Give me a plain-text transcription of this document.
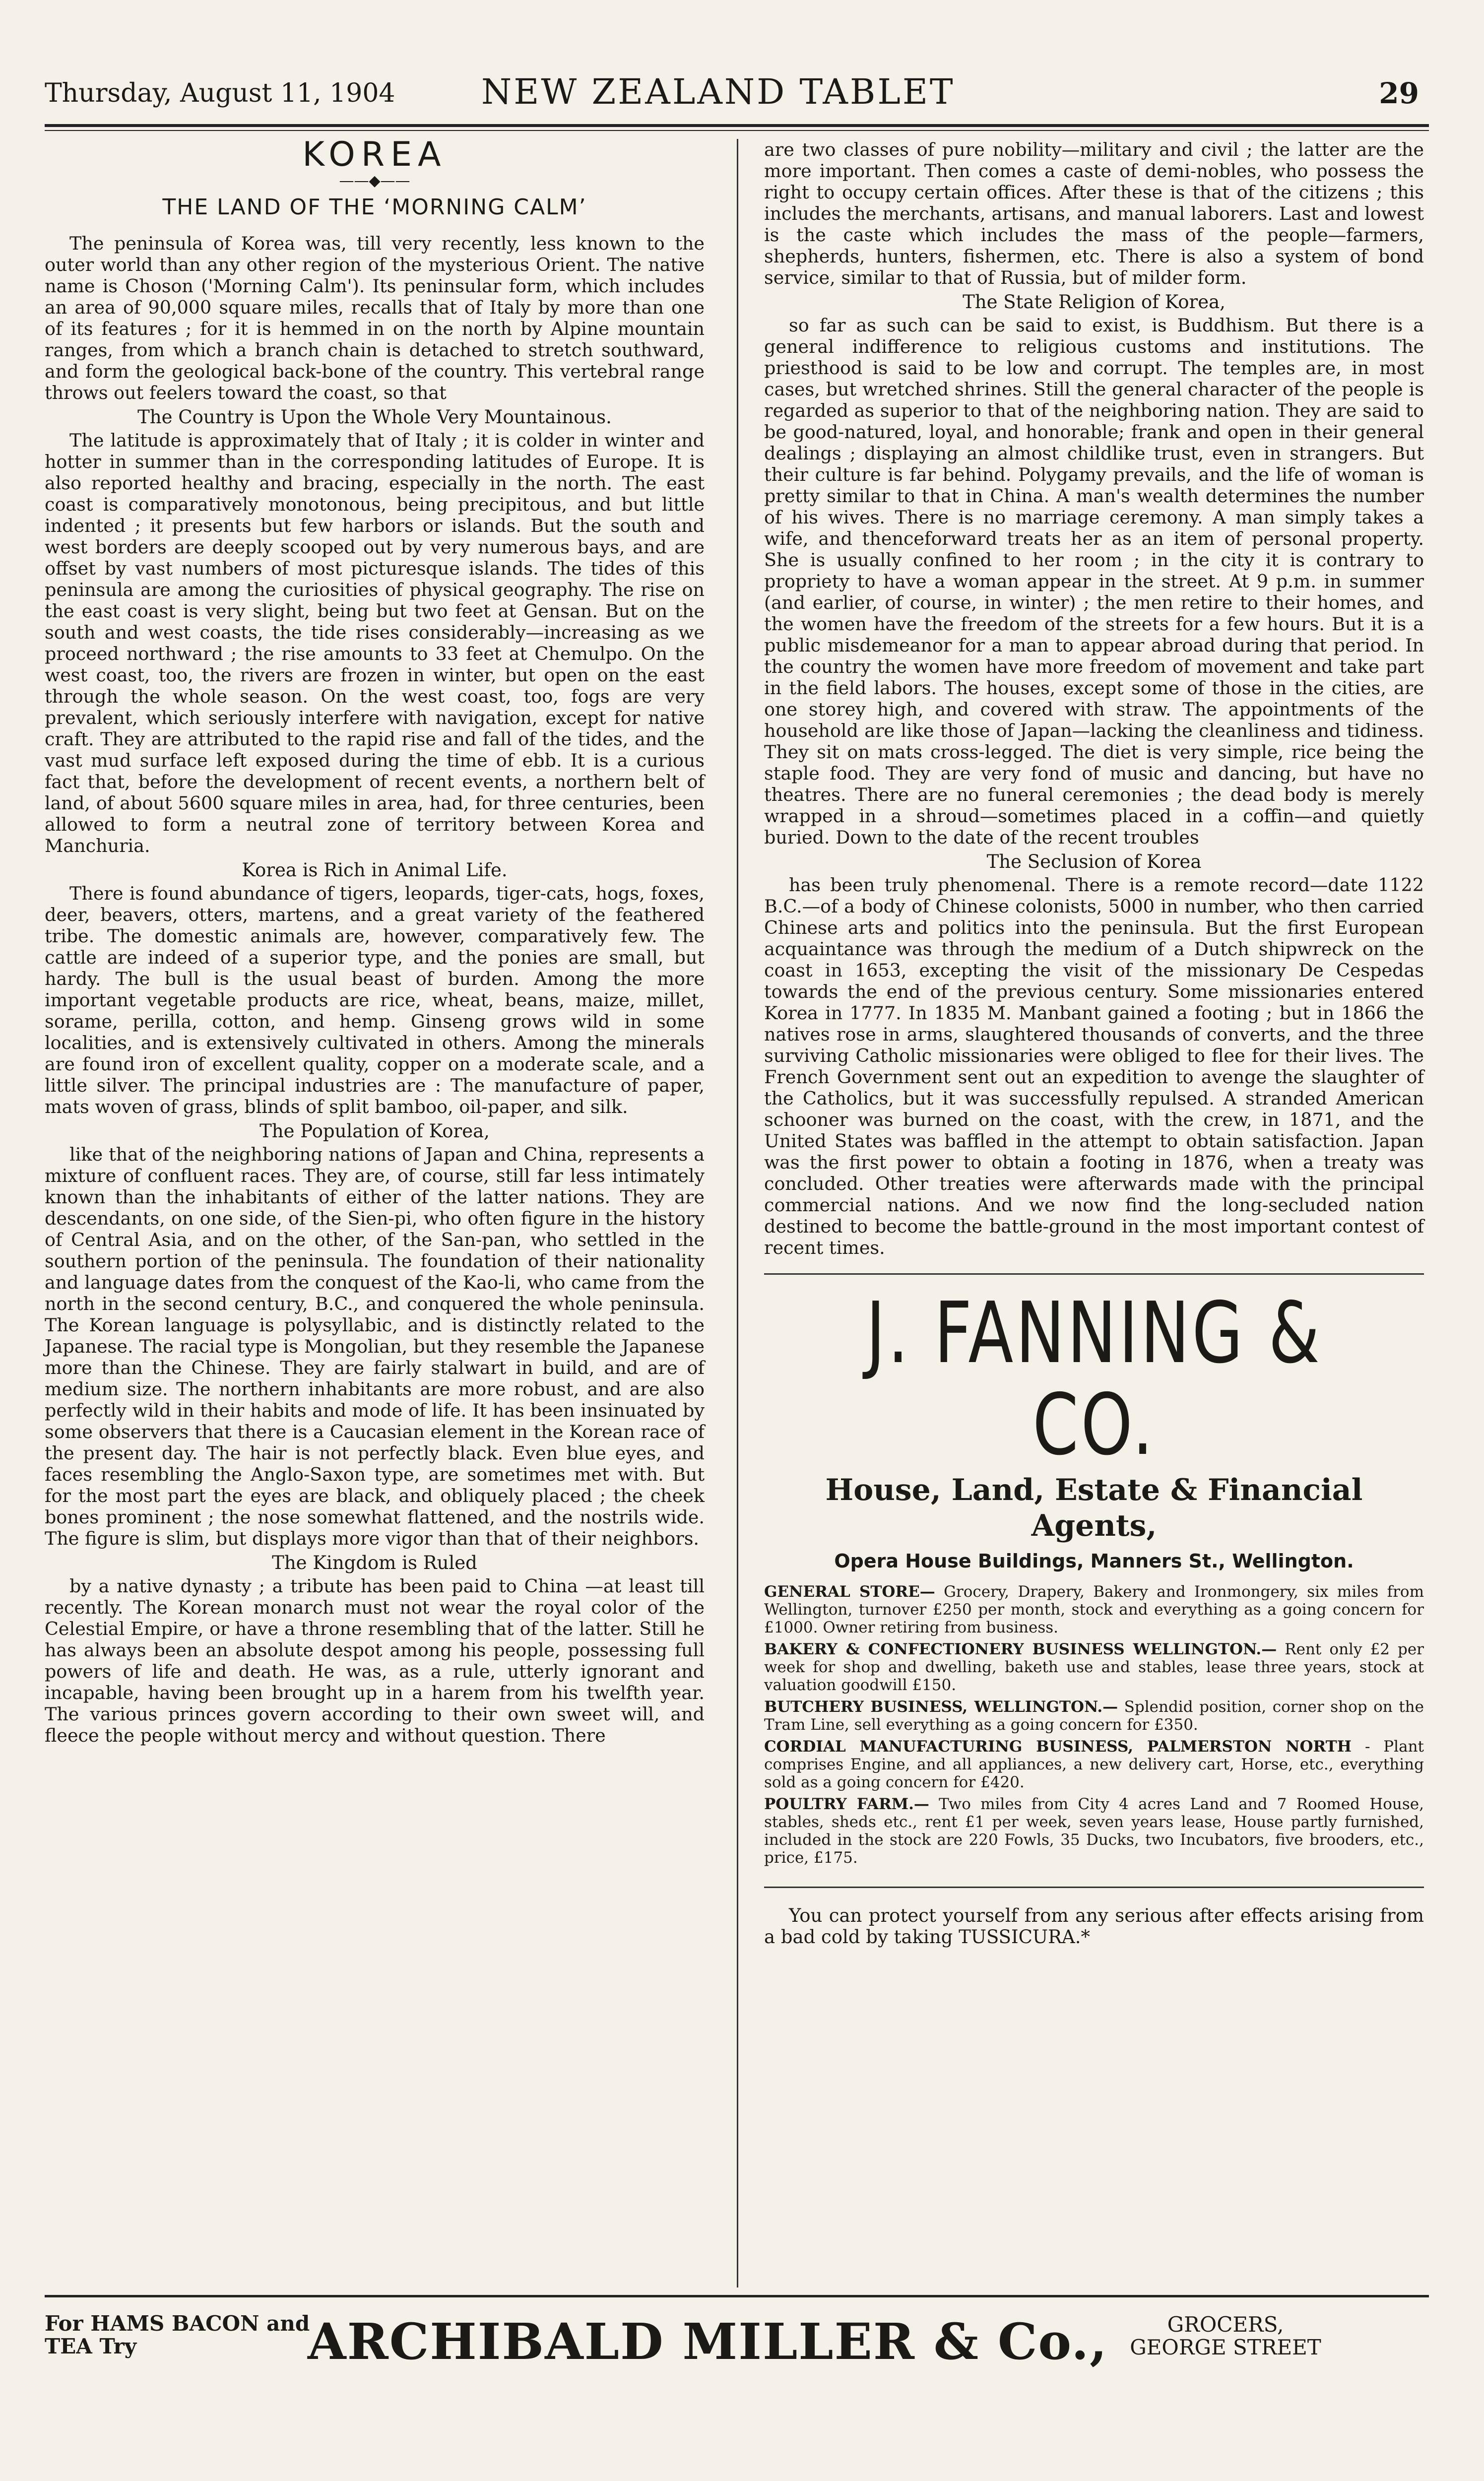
Thursday, August 11, 1904 NEW ZEALAND TABLET	29
KOREA
——◆——
THE LAND OF THE ‘MORNING CALM’

The peninsula of Korea was, till very recently, less known to the outer world than any other region of the mysterious Orient. The native name is Choson ('Morning Calm'). Its peninsular form, which includes an area of 90,000 square miles, recalls that of Italy by more than one of its features ; for it is hemmed in on the north by Alpine mountain ranges, from which a branch chain is detached to stretch southward, and form the geological back-bone of the country. This vertebral range throws out feelers toward the coast, so that

The Country is Upon the Whole Very Mountainous.

The latitude is approximately that of Italy ; it is colder in winter and hotter in summer than in the corresponding latitudes of Europe. It is also reported healthy and bracing, especially in the north. The east coast is comparatively monotonous, being precipitous, and but little indented ; it presents but few harbors or islands. But the south and west borders are deeply scooped out by very numerous bays, and are offset by vast numbers of most picturesque islands. The tides of this peninsula are among the curiosities of physical geography. The rise on the east coast is very slight, being but two feet at Gensan. But on the south and west coasts, the tide rises considerably—increasing as we proceed northward ; the rise amounts to 33 feet at Chemulpo. On the west coast, too, the rivers are frozen in winter, but open on the east through the whole season. On the west coast, too, fogs are very prevalent, which seriously interfere with navigation, except for native craft. They are attributed to the rapid rise and fall of the tides, and the vast mud surface left exposed during the time of ebb. It is a curious fact that, before the development of recent events, a northern belt of land, of about 5600 square miles in area, had, for three centuries, been allowed to form a neutral zone of territory between Korea and Manchuria.

Korea is Rich in Animal Life.

There is found abundance of tigers, leopards, tiger-cats, hogs, foxes, deer, beavers, otters, martens, and a great variety of the feathered tribe. The domestic animals are, however, comparatively few. The cattle are indeed of a superior type, and the ponies are small, but hardy. The bull is the usual beast of burden. Among the more important vegetable products are rice, wheat, beans, maize, millet, sorame, perilla, cotton, and hemp. Ginseng grows wild in some localities, and is extensively cultivated in others. Among the minerals are found iron of excellent quality, copper on a moderate scale, and a little silver. The principal industries are : The manufacture of paper, mats woven of grass, blinds of split bamboo, oil-paper, and silk.

The Population of Korea,

like that of the neighboring nations of Japan and China, represents a mixture of confluent races. They are, of course, still far less intimately known than the inhabitants of either of the latter nations. They are descendants, on one side, of the Sien-pi, who often figure in the history of Central Asia, and on the other, of the San-pan, who settled in the southern portion of the peninsula. The foundation of their nationality and language dates from the conquest of the Kao-li, who came from the north in the second century, B.C., and conquered the whole peninsula. The Korean language is polysyllabic, and is distinctly related to the Japanese. The racial type is Mongolian, but they resemble the Japanese more than the Chinese. They are fairly stalwart in build, and are of medium size. The northern inhabitants are more robust, and are also perfectly wild in their habits and mode of life. It has been insinuated by some observers that there is a Caucasian element in the Korean race of the present day. The hair is not perfectly black. Even blue eyes, and faces resembling the Anglo-Saxon type, are sometimes met with. But for the most part the eyes are black, and obliquely placed ; the cheek bones prominent ; the nose somewhat flattened, and the nostrils wide. The figure is slim, but displays more vigor than that of their neighbors.

The Kingdom is Ruled

by a native dynasty ; a tribute has been paid to China —at least till recently. The Korean monarch must not wear the royal color of the Celestial Empire, or have a throne resembling that of the latter. Still he has always been an absolute despot among his people, possessing full powers of life and death. He was, as a rule, utterly ignorant and incapable, having been brought up in a harem from his twelfth year. The various princes govern according to their own sweet will, and fleece the people without mercy and without question. There

are two classes of pure nobility—military and civil ; the latter are the more important. Then comes a caste of demi-nobles, who possess the right to occupy certain offices. After these is that of the citizens ; this includes the merchants, artisans, and manual laborers. Last and lowest is the caste which includes the mass of the people—farmers, shepherds, hunters, fishermen, etc. There is also a system of bond service, similar to that of Russia, but of milder form.

The State Religion of Korea,

so far as such can be said to exist, is Buddhism. But there is a general indifference to religious customs and institutions. The priesthood is said to be low and corrupt. The temples are, in most cases, but wretched shrines. Still the general character of the people is regarded as superior to that of the neighboring nation. They are said to be good-natured, loyal, and honorable; frank and open in their general dealings ; displaying an almost childlike trust, even in strangers. But their culture is far behind. Polygamy prevails, and the life of woman is pretty similar to that in China. A man's wealth determines the number of his wives. There is no marriage ceremony. A man simply takes a wife, and thenceforward treats her as an item of personal property. She is usually confined to her room ; in the city it is contrary to propriety to have a woman appear in the street. At 9 p.m. in summer (and earlier, of course, in winter) ; the men retire to their homes, and the women have the freedom of the streets for a few hours. But it is a public misdemeanor for a man to appear abroad during that period. In the country the women have more freedom of movement and take part in the field labors. The houses, except some of those in the cities, are one storey high, and covered with straw. The appointments of the household are like those of Japan—lacking the cleanliness and tidiness. They sit on mats cross-legged. The diet is very simple, rice being the staple food. They are very fond of music and dancing, but have no theatres. There are no funeral ceremonies ; the dead body is merely wrapped in a shroud—sometimes placed in a coffin—and quietly buried. Down to the date of the recent troubles

The Seclusion of Korea

has been truly phenomenal. There is a remote record—date 1122 B.C.—of a body of Chinese colonists, 5000 in number, who then carried Chinese arts and politics into the peninsula. But the first European acquaintance was through the medium of a Dutch shipwreck on the coast in 1653, excepting the visit of the missionary De Cespedas towards the end of the previous century. Some missionaries entered Korea in 1777. In 1835 M. Manbant gained a footing ; but in 1866 the natives rose in arms, slaughtered thousands of converts, and the three surviving Catholic missionaries were obliged to flee for their lives. The French Government sent out an expedition to avenge the slaughter of the Catholics, but it was successfully repulsed. A stranded American schooner was burned on the coast, with the crew, in 1871, and the United States was baffled in the attempt to obtain satisfaction. Japan was the first power to obtain a footing in 1876, when a treaty was concluded. Other treaties were afterwards made with the principal commercial nations. And we now find the long-secluded nation destined to become the battle-ground in the most important contest of recent times.

J. FANNING & CO.
House, Land, Estate & Financial Agents,
Opera House Buildings, Manners St., Wellington.
GENERAL STORE— Grocery, Drapery, Bakery and Ironmongery, six miles from Wellington, turnover £250 per month, stock and everything as a going concern for £1000. Owner retiring from business.
BAKERY & CONFECTIONERY BUSINESS WELLINGTON.— Rent only £2 per week for shop and dwelling, baketh use and stables, lease three years, stock at valuation goodwill £150.
BUTCHERY BUSINESS, WELLINGTON.— Splendid position, corner shop on the Tram Line, sell everything as a going concern for £350.
CORDIAL MANUFACTURING BUSINESS, PALMERSTON NORTH - Plant comprises Engine, and all appliances, a new delivery cart, Horse, etc., everything sold as a going concern for £420.
POULTRY FARM.— Two miles from City 4 acres Land and 7 Roomed House, stables, sheds etc., rent £1 per week, seven years lease, House partly furnished, included in the stock are 220 Fowls, 35 Ducks, two Incubators, five brooders, etc., price, £175.
You can protect yourself from any serious after effects arising from a bad cold by taking TUSSICURA.*
For HAMS BACON and TEA Try	ARCHIBALD MILLER & Co.,	GROCERS, GEORGE STREET
